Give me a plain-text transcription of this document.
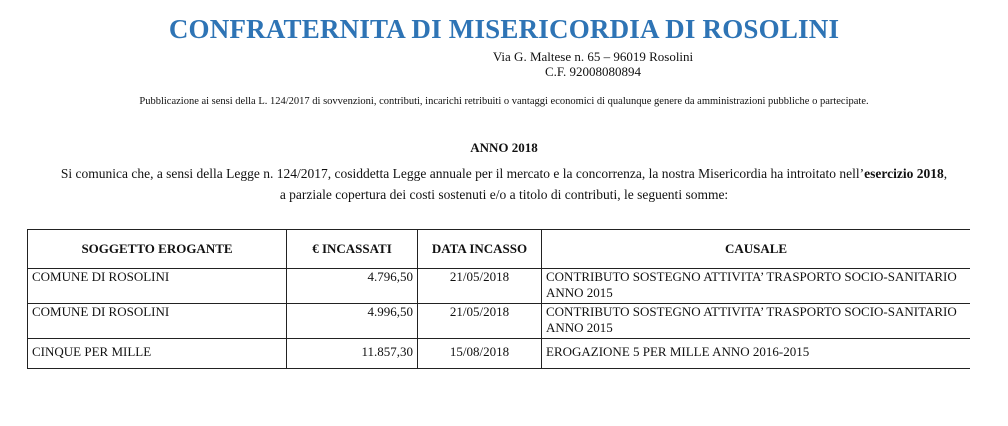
CONFRATERNITA DI MISERICORDIA DI ROSOLINI
Via G. Maltese n. 65 – 96019 Rosolini
C.F. 92008080894
Pubblicazione ai sensi della L. 124/2017 di sovvenzioni, contributi, incarichi retribuiti o vantaggi economici di qualunque genere da amministrazioni pubbliche o partecipate.
ANNO 2018
Si comunica che, a sensi della Legge n. 124/2017, cosiddetta Legge annuale per il mercato e la concorrenza, la nostra Misericordia ha introitato nell’esercizio 2018, a parziale copertura dei costi sostenuti e/o a titolo di contributi, le seguenti somme:
SOGGETTO EROGANTE	€ INCASSATI	DATA INCASSO	CAUSALE
COMUNE DI ROSOLINI	4.796,50	21/05/2018	CONTRIBUTO SOSTEGNO ATTIVITA’ TRASPORTO SOCIO-SANITARIO ANNO 2015
COMUNE DI ROSOLINI	4.996,50	21/05/2018	CONTRIBUTO SOSTEGNO ATTIVITA’ TRASPORTO SOCIO-SANITARIO ANNO 2015
CINQUE PER MILLE	11.857,30	15/08/2018	EROGAZIONE 5 PER MILLE ANNO 2016-2015
